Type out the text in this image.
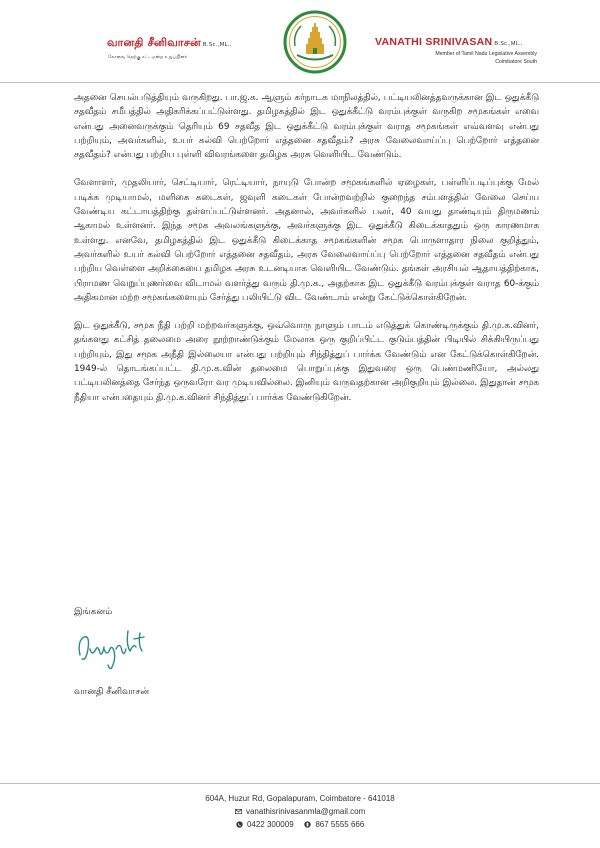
வானதி சீனிவாசன் B.Sc.,ML.,
கோவை தெற்கு சட்டமன்ற உறுப்பினர்
VANATHI SRINIVASAN B.Sc.,ML.,
Member of Tamil Nadu Legislative Assembly
Coimbatore South

அதனை செயல்படுத்தியும் வருகிறது. பா.ஜ.க. ஆளும் கர்நாடக மாநிலத்தில், பட்டியலினத்தவருக்கான இட ஒதுக்கீடு சதவீதம் சமீபத்தில் அதிகரிக்கப்பட்டுள்ளது. தமிழகத்தில் இட ஒதுக்கீட்டு வரம்புக்குள் வருகிற சமூகங்கள் எவை என்பது அனைவருக்கும் தெரியும் 69 சதவீத இட ஒதுக்கீட்டு வரம்புக்குள் வராத சமூகங்கள் எவ்வளவு என்பது பற்றியும், அவர்களில், உயர் கல்வி பெற்றோர் எத்தனை சதவீதம்? அரசு வேலைவாய்ப்பு பெற்றோர் எத்தனை சதவீதம்? என்பது பற்றிய புள்ளி விவரங்களை தமிழக அரசு வெளியிட வேண்டும்.

வேளாளர், முதலியார், செட்டியார், ரெட்டியார், நாயுடு போன்ற சமூகங்களில் ஏழைகள், பள்ளிப்படிப்புக்கு மேல் படிக்க முடியாமல், மளிகை கடைகள், ஜவுளி கடைகள் போன்றவற்றில் குறைந்த சம்பளத்தில் வேலை செய்ய வேண்டிய கட்டாயத்திற்கு தள்ளப்பட்டுள்ளனர். அதனால், அவர்களில் பலர், 40 வயது தாண்டியும் திருமணம் ஆகாமல் உள்ளனர். இந்த சமூக அவலங்களுக்கு, அவர்களுக்கு இட ஒதுக்கீடு கிடைக்காததும் ஒரு காரணமாக உள்ளது. எனவே, தமிழகத்தில் இட ஒதுக்கீடு கிடைக்காத சமூகங்களின் சமூக பொருளாதார நிலை குறித்தும், அவர்களில் உயர் கல்வி பெற்றோர் எத்தனை சதவீதம், அரசு வேலைவாய்ப்பு பெற்றோர் எத்தனை சதவீதம் என்பது பற்றிய வெள்ளை அறிக்கையை தமிழக அரசு உடனடியாக வெளியிட வேண்டும். தங்கள் அரசியல் ஆதாயத்திற்காக, பிராமண வெறுப்புணர்வை விடாமல் வளர்த்து வரும் தி.மு.க., அதற்காக இட ஒதுக்கீடு வரம்புக்குள் வராத 60-க்கும் அதிகமான மற்ற சமூகங்களையும் சேர்த்து பலியிட்டு விட வேண்டாம் என்று கேட்டுக்கொள்கிறேன்.

இட ஒதுக்கீடு, சமூக நீதி பற்றி மற்றவர்களுக்கு, ஒவ்வொரு நாளும் பாடம் எடுத்துக் கொண்டிருக்கும் தி.மு.க.வினர், தங்களது கட்சித் தலைமை அரை நூற்றாண்டுக்கும் மேலாக ஒரு குறிப்பிட்ட குடும்பத்தின் பிடியில் சிக்கியிருப்பது பற்றியும், இது சமூக அநீதி இல்லையா என்பது பற்றியும் சிந்தித்துப் பார்க்க வேண்டும் என கேட்டுக்கொள்கிறேன். 1949-ல் தொடங்கப்பட்ட தி.மு.க.வின் தலைமை பொறுப்புக்கு இதுவரை ஒரு பெண்மணியோ, அல்லது பட்டியலினத்தை சேர்ந்த ஒருவரோ வர முடியவில்லை. இனியும் வருவதற்கான அறிகுறியும் இல்லை. இதுதான் சமூக நீதியா என்பதையும் தி.மு.க.வினர் சிந்தித்துப் பார்க்க வேண்டுகிறேன்.

இங்கனம்
வானதி சீனிவாசன்
604A, Huzur Rd, Gopalapuram, Coimbatore - 641018
vanathisrinivasanmla@gmail.com
0422 300009	867 5555 666
